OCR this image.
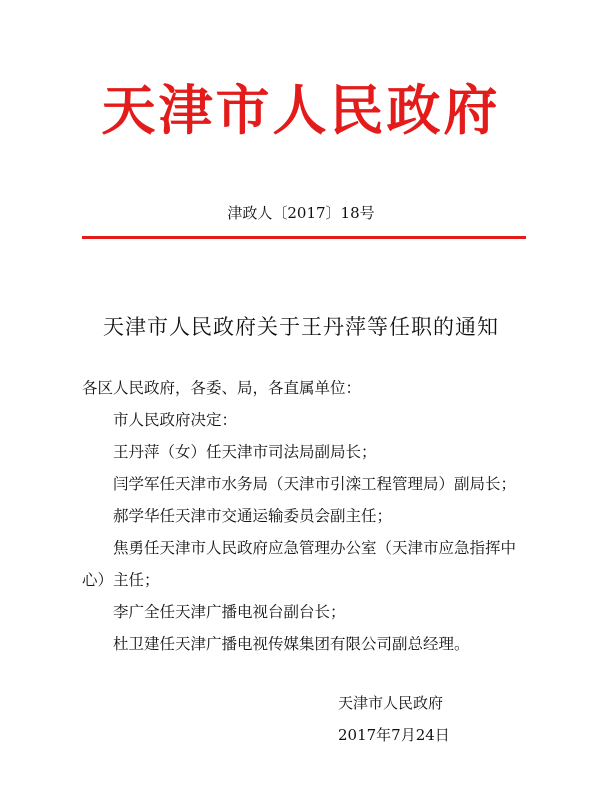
天津市人民政府
津政人〔2017〕18号
天津市人民政府关于王丹萍等任职的通知

各区人民政府，各委、局，各直属单位：

市人民政府决定：

王丹萍（女）任天津市司法局副局长；

闫学军任天津市水务局（天津市引滦工程管理局）副局长；

郝学华任天津市交通运输委员会副主任；

焦勇任天津市人民政府应急管理办公室（天津市应急指挥中心）主任；

李广全任天津广播电视台副台长；

杜卫建任天津广播电视传媒集团有限公司副总经理。

天津市人民政府

2017年7月24日
